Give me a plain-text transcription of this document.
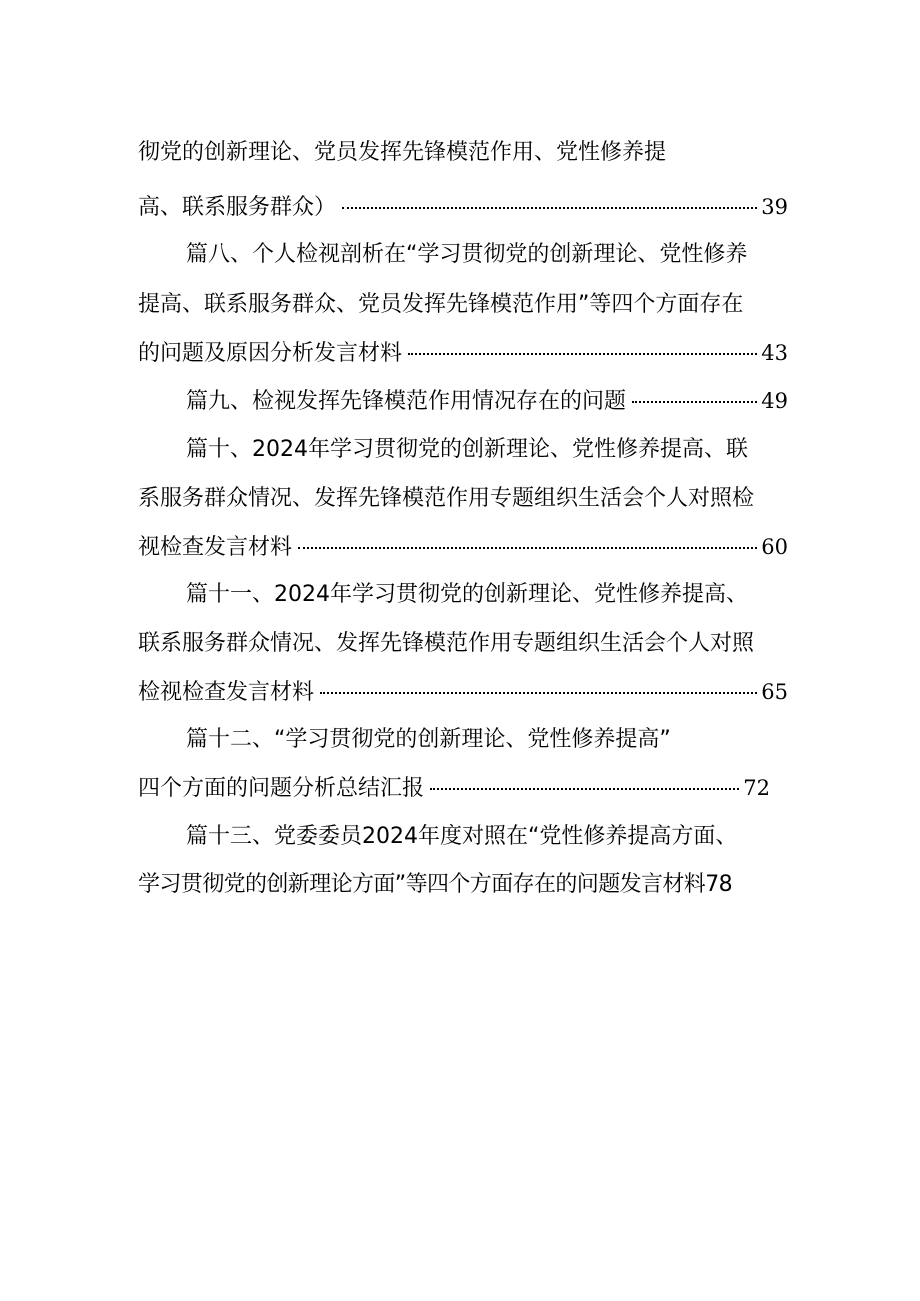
彻党的创新理论、党员发挥先锋模范作用、党性修养提
高、联系服务群众）	39
篇八、个人检视剖析在“学习贯彻党的创新理论、党性修养
提高、联系服务群众、党员发挥先锋模范作用”等四个方面存在
的问题及原因分析发言材料	43
篇九、检视发挥先锋模范作用情况存在的问题	49
篇十、2024年学习贯彻党的创新理论、党性修养提高、联
系服务群众情况、发挥先锋模范作用专题组织生活会个人对照检
视检查发言材料	60
篇十一、2024年学习贯彻党的创新理论、党性修养提高、
联系服务群众情况、发挥先锋模范作用专题组织生活会个人对照
检视检查发言材料	65
篇十二、“学习贯彻党的创新理论、党性修养提高”
四个方面的问题分析总结汇报	72
篇十三、党委委员2024年度对照在“党性修养提高方面、
学习贯彻党的创新理论方面”等四个方面存在的问题发言材料78
